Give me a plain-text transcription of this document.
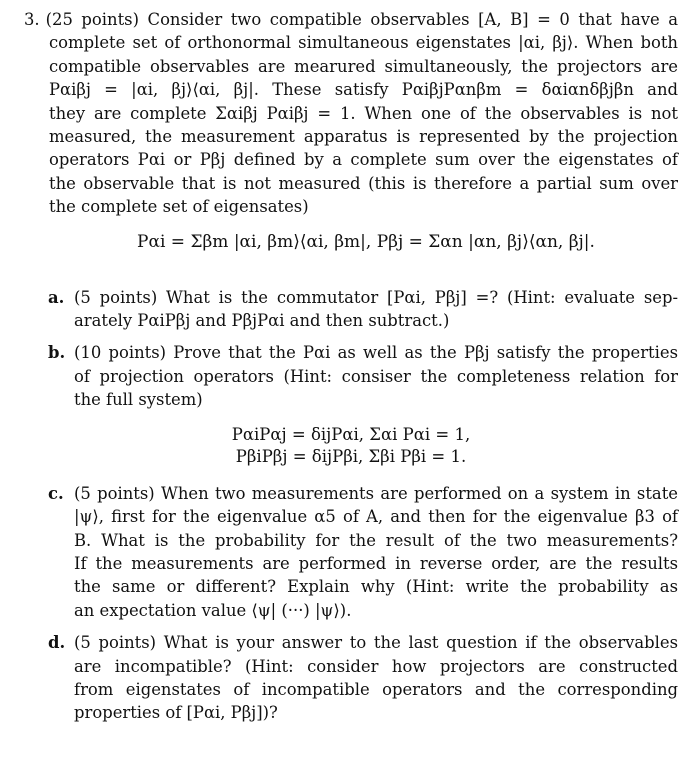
3. (25 points) Consider two compatible observables [A, B] = 0 that have a
complete set of orthonormal simultaneous eigenstates |αi, βj⟩. When both
compatible observables are mearured simultaneously, the projectors are
Pαiβj = |αi, βj⟩⟨αi, βj|. These satisfy PαiβjPαnβm = δαiαnδβjβn and
they are complete Σαiβj Pαiβj = 1. When one of the observables is not
measured, the measurement apparatus is represented by the projection
operators Pαi or Pβj defined by a complete sum over the eigenstates of
the observable that is not measured (this is therefore a partial sum over
the complete set of eigensates)
Pαi = Σβm |αi, βm⟩⟨αi, βm|, Pβj = Σαn |αn, βj⟩⟨αn, βj|.
a. (5 points) What is the commutator [Pαi, Pβj] =? (Hint: evaluate sep-
arately PαiPβj and PβjPαi and then subtract.)
b. (10 points) Prove that the Pαi as well as the Pβj satisfy the properties
of projection operators (Hint: consiser the completeness relation for
the full system)
PαiPαj = δijPαi, Σαi Pαi = 1,
PβiPβj = δijPβi, Σβi Pβi = 1.
c. (5 points) When two measurements are performed on a system in state
|ψ⟩, first for the eigenvalue α5 of A, and then for the eigenvalue β3 of
B. What is the probability for the result of the two measurements?
If the measurements are performed in reverse order, are the results
the same or different? Explain why (Hint: write the probability as
an expectation value ⟨ψ| (···) |ψ⟩).
d. (5 points) What is your answer to the last question if the observables
are incompatible? (Hint: consider how projectors are constructed
from eigenstates of incompatible operators and the corresponding
properties of [Pαi, Pβj])?
